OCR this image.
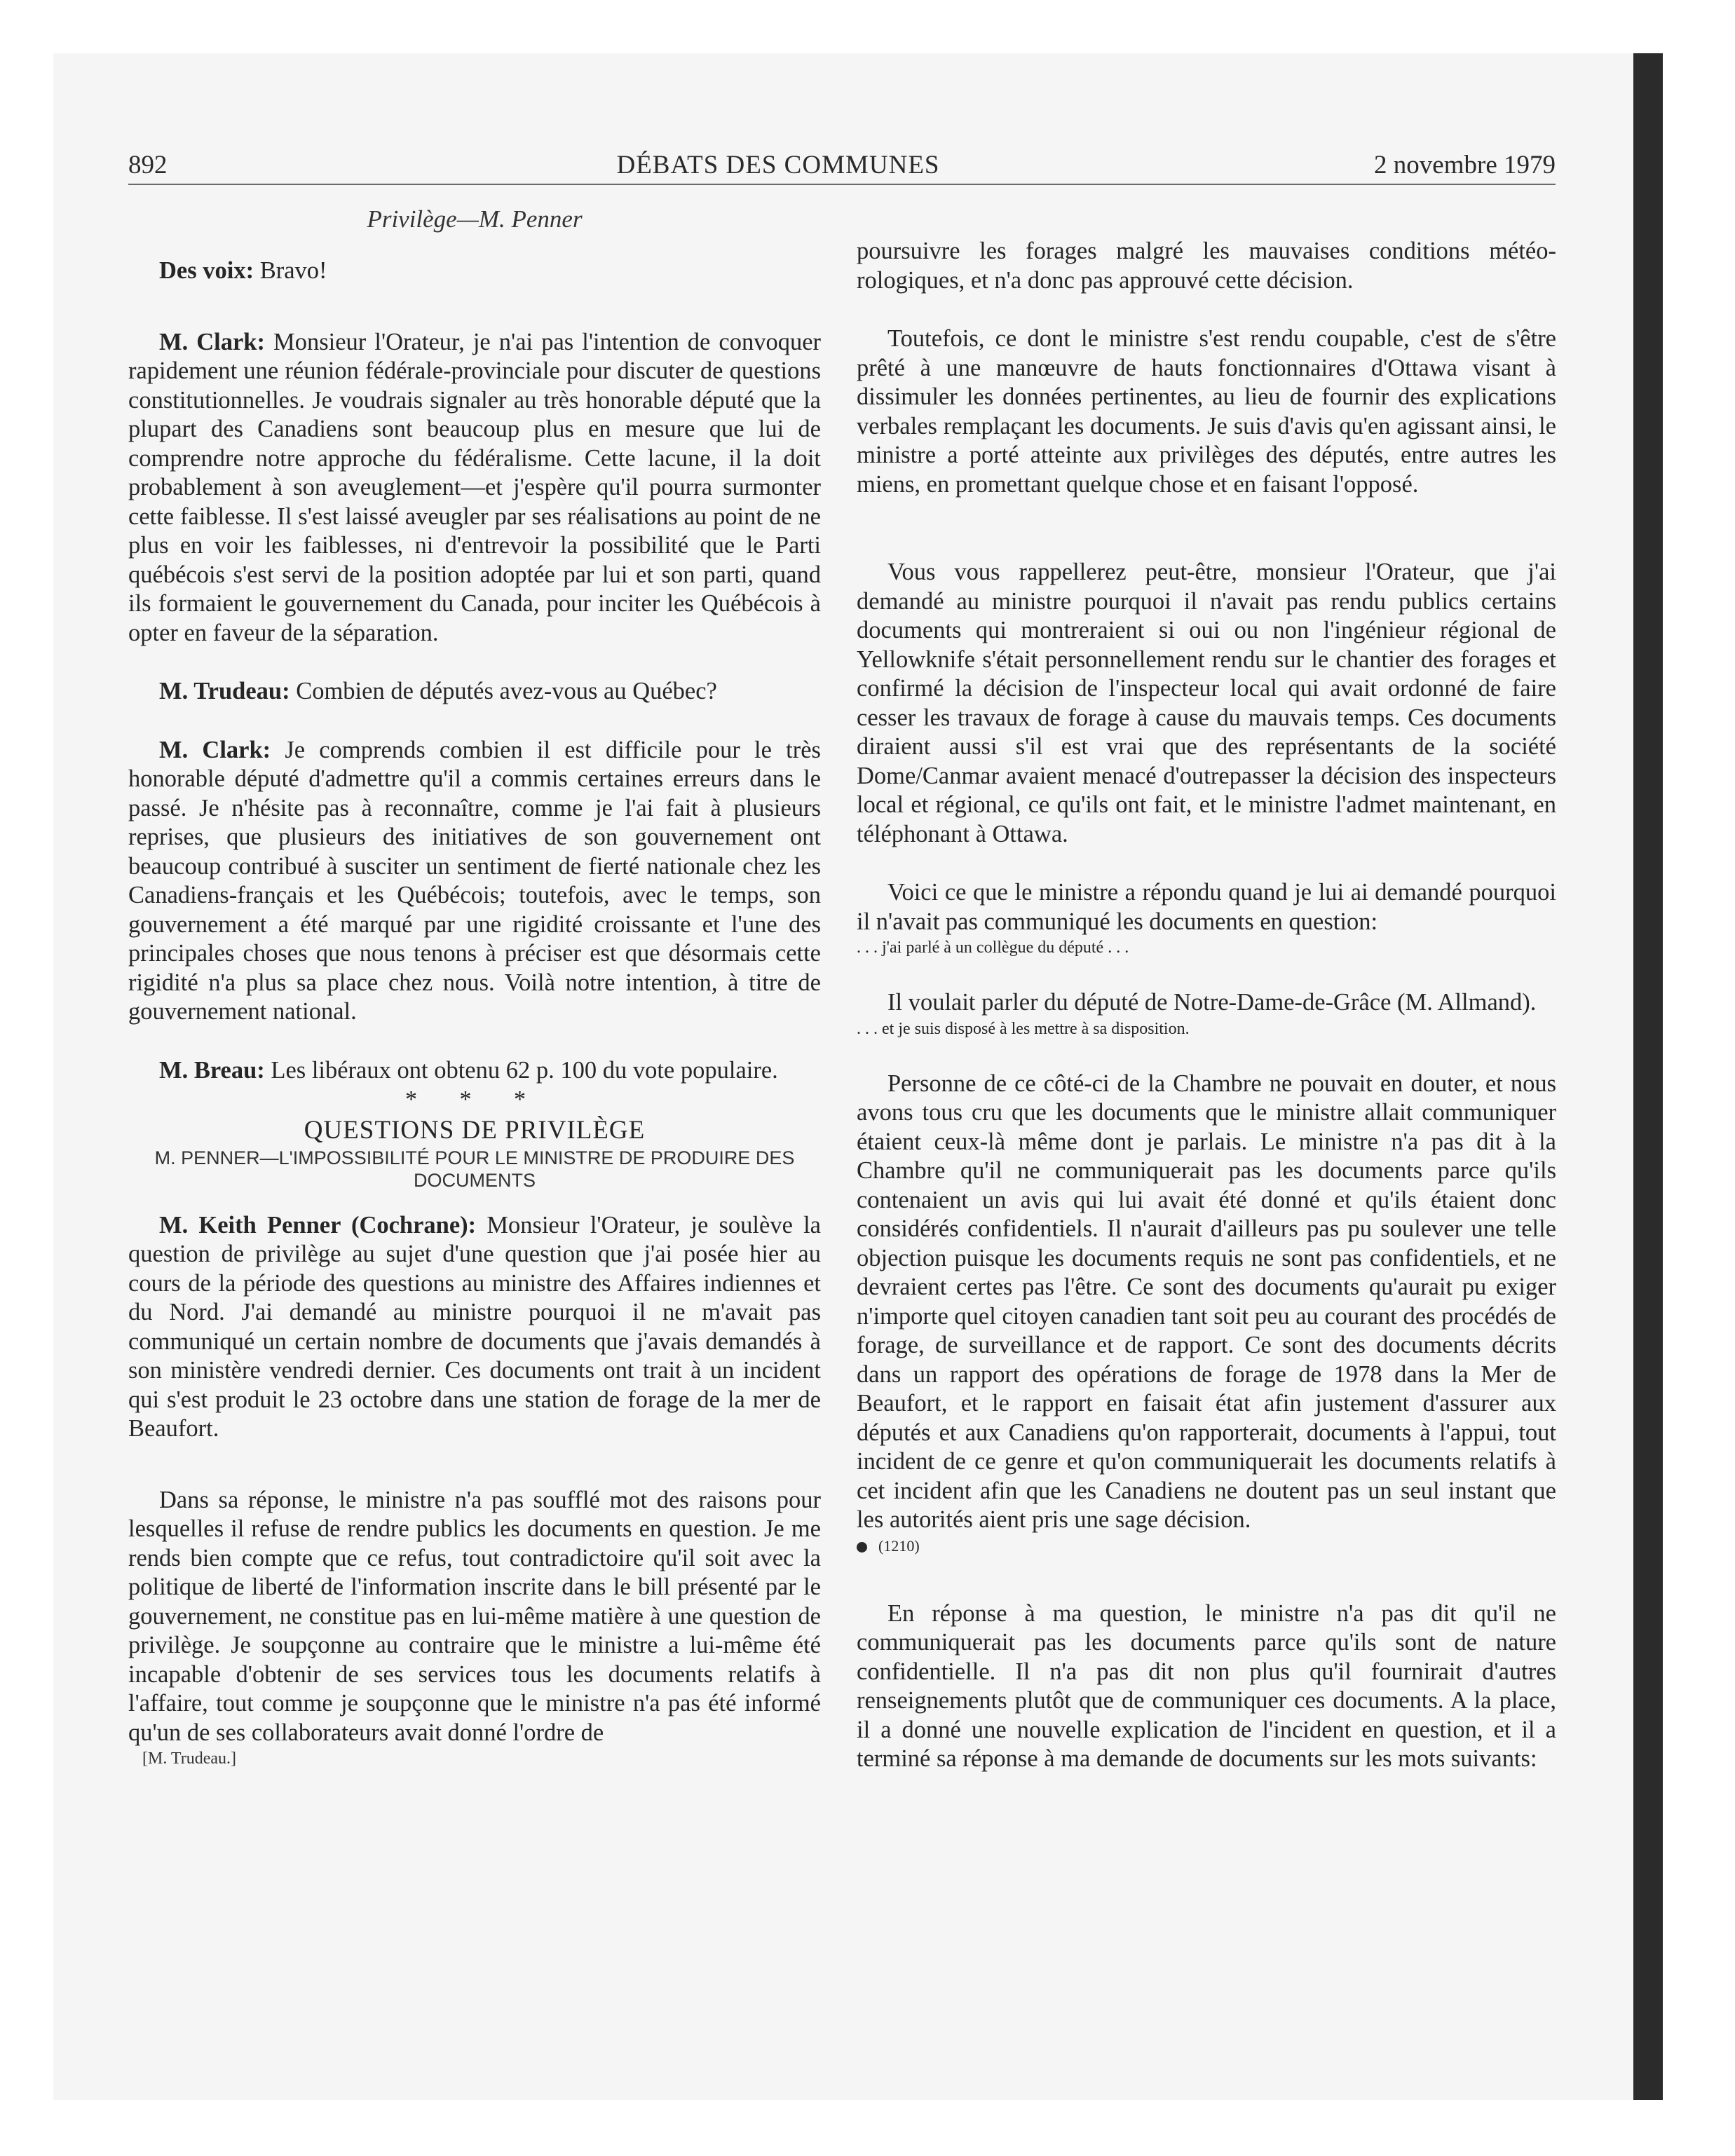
892	DÉBATS DES COMMUNES	2 novembre 1979
Privilège—M. Penner

Des voix: Bravo!

M. Clark: Monsieur l'Orateur, je n'ai pas l'intention de convoquer rapidement une réunion fédérale-provinciale pour discuter de questions constitutionnelles. Je voudrais signaler au très honorable député que la plupart des Canadiens sont beaucoup plus en mesure que lui de comprendre notre approche du fédéralisme. Cette lacune, il la doit probablement à son aveuglement—et j'espère qu'il pourra surmonter cette faiblesse. Il s'est laissé aveugler par ses réalisations au point de ne plus en voir les faiblesses, ni d'entrevoir la possibilité que le Parti québécois s'est servi de la position adoptée par lui et son parti, quand ils formaient le gouvernement du Canada, pour inciter les Québécois à opter en faveur de la séparation.

M. Trudeau: Combien de députés avez-vous au Québec?

M. Clark: Je comprends combien il est difficile pour le très honorable député d'admettre qu'il a commis certaines erreurs dans le passé. Je n'hésite pas à reconnaître, comme je l'ai fait à plusieurs reprises, que plusieurs des initiatives de son gouvernement ont beaucoup contribué à susciter un sentiment de fierté nationale chez les Canadiens-français et les Québécois; toutefois, avec le temps, son gouvernement a été marqué par une rigidité croissante et l'une des principales choses que nous tenons à préciser est que désormais cette rigidité n'a plus sa place chez nous. Voilà notre intention, à titre de gouvernement national.

M. Breau: Les libéraux ont obtenu 62 p. 100 du vote populaire.

* * *

QUESTIONS DE PRIVILÈGE

M. PENNER—L'IMPOSSIBILITÉ POUR LE MINISTRE DE PRODUIRE DES DOCUMENTS

M. Keith Penner (Cochrane): Monsieur l'Orateur, je soulève la question de privilège au sujet d'une question que j'ai posée hier au cours de la période des questions au ministre des Affaires indiennes et du Nord. J'ai demandé au ministre pourquoi il ne m'avait pas communiqué un certain nombre de documents que j'avais demandés à son ministère vendredi dernier. Ces documents ont trait à un incident qui s'est produit le 23 octobre dans une station de forage de la mer de Beaufort.

Dans sa réponse, le ministre n'a pas soufflé mot des raisons pour lesquelles il refuse de rendre publics les documents en question. Je me rends bien compte que ce refus, tout contradictoire qu'il soit avec la politique de liberté de l'information inscrite dans le bill présenté par le gouvernement, ne constitue pas en lui-même matière à une question de privilège. Je soupçonne au contraire que le ministre a lui-même été incapable d'obtenir de ses services tous les documents relatifs à l'affaire, tout comme je soupçonne que le ministre n'a pas été informé qu'un de ses collaborateurs avait donné l'ordre de

[M. Trudeau.]

poursuivre les forages malgré les mauvaises conditions météorologiques, et n'a donc pas approuvé cette décision.

Toutefois, ce dont le ministre s'est rendu coupable, c'est de s'être prêté à une manœuvre de hauts fonctionnaires d'Ottawa visant à dissimuler les données pertinentes, au lieu de fournir des explications verbales remplaçant les documents. Je suis d'avis qu'en agissant ainsi, le ministre a porté atteinte aux privilèges des députés, entre autres les miens, en promettant quelque chose et en faisant l'opposé.

Vous vous rappellerez peut-être, monsieur l'Orateur, que j'ai demandé au ministre pourquoi il n'avait pas rendu publics certains documents qui montreraient si oui ou non l'ingénieur régional de Yellowknife s'était personnellement rendu sur le chantier des forages et confirmé la décision de l'inspecteur local qui avait ordonné de faire cesser les travaux de forage à cause du mauvais temps. Ces documents diraient aussi s'il est vrai que des représentants de la société Dome/Canmar avaient menacé d'outrepasser la décision des inspecteurs local et régional, ce qu'ils ont fait, et le ministre l'admet maintenant, en téléphonant à Ottawa.

Voici ce que le ministre a répondu quand je lui ai demandé pourquoi il n'avait pas communiqué les documents en question:

. . . j'ai parlé à un collègue du député . . .

Il voulait parler du député de Notre-Dame-de-Grâce (M. Allmand).

. . . et je suis disposé à les mettre à sa disposition.

Personne de ce côté-ci de la Chambre ne pouvait en douter, et nous avons tous cru que les documents que le ministre allait communiquer étaient ceux-là même dont je parlais. Le ministre n'a pas dit à la Chambre qu'il ne communiquerait pas les documents parce qu'ils contenaient un avis qui lui avait été donné et qu'ils étaient donc considérés confidentiels. Il n'aurait d'ailleurs pas pu soulever une telle objection puisque les documents requis ne sont pas confidentiels, et ne devraient certes pas l'être. Ce sont des documents qu'aurait pu exiger n'importe quel citoyen canadien tant soit peu au courant des procédés de forage, de surveillance et de rapport. Ce sont des documents décrits dans un rapport des opérations de forage de 1978 dans la Mer de Beaufort, et le rapport en faisait état afin justement d'assurer aux députés et aux Canadiens qu'on rapporterait, documents à l'appui, tout incident de ce genre et qu'on communiquerait les documents relatifs à cet incident afin que les Canadiens ne doutent pas un seul instant que les autorités aient pris une sage décision.

(1210)

En réponse à ma question, le ministre n'a pas dit qu'il ne communiquerait pas les documents parce qu'ils sont de nature confidentielle. Il n'a pas dit non plus qu'il fournirait d'autres renseignements plutôt que de communiquer ces documents. A la place, il a donné une nouvelle explication de l'incident en question, et il a terminé sa réponse à ma demande de documents sur les mots suivants:
